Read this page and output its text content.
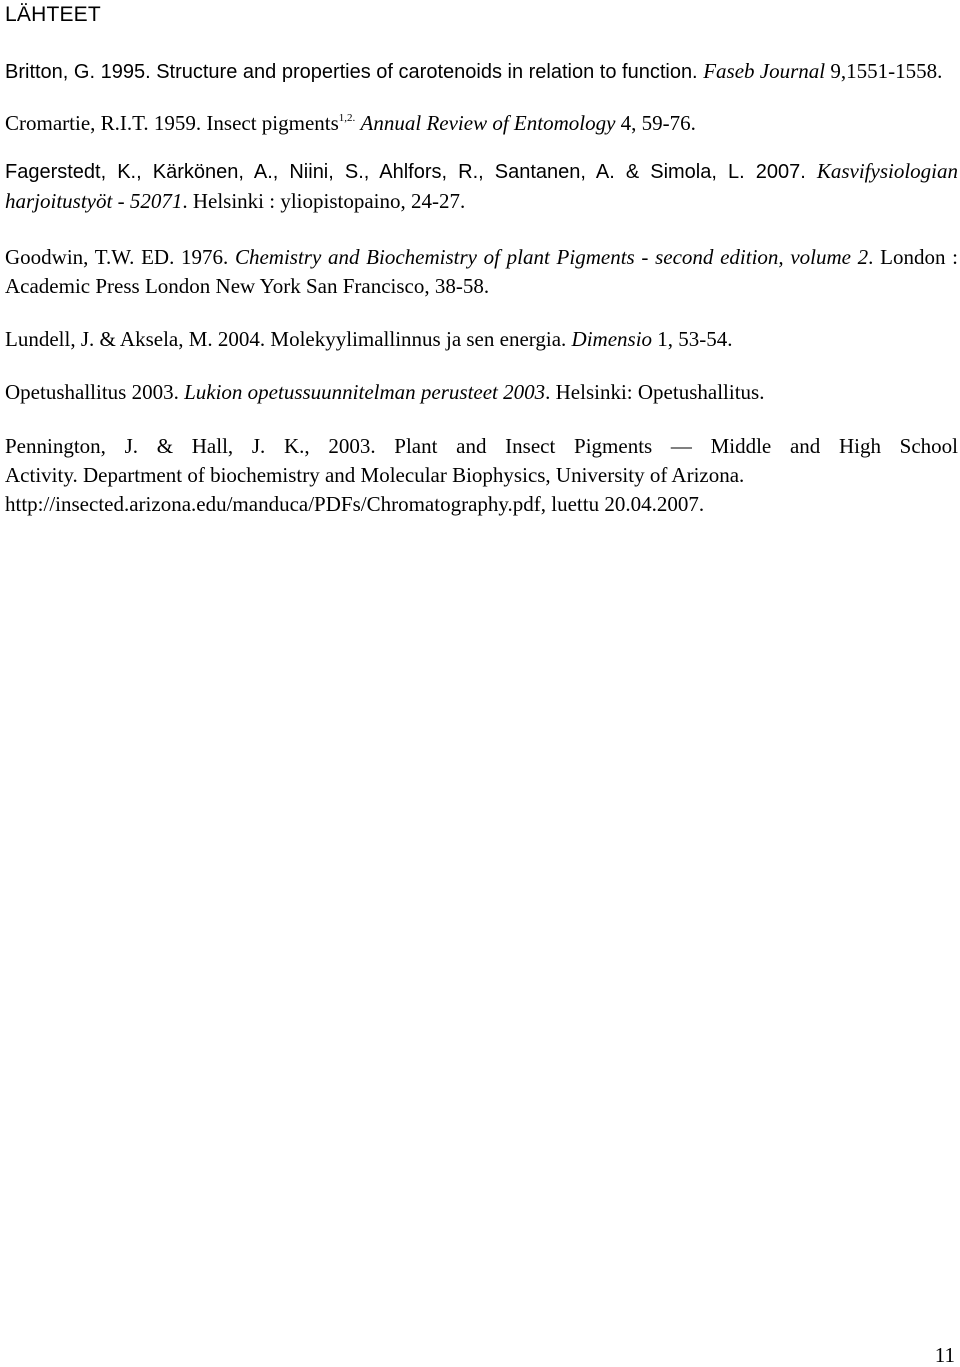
LÄHTEET

Britton, G. 1995. Structure and properties of carotenoids in relation to function. Faseb Journal 9,1551-1558.

Cromartie, R.I.T. 1959. Insect pigments$^{1,2.}$ Annual Review of Entomology 4, 59-76.

Fagerstedt, K., Kärkönen, A., Niini, S., Ahlfors, R., Santanen, A. & Simola, L. 2007. Kasvifysiologian harjoitustyöt - 52071. Helsinki : yliopistopaino, 24-27.

Goodwin, T.W. ED. 1976. Chemistry and Biochemistry of plant Pigments - second edition, volume 2. London : Academic Press London New York San Francisco, 38-58.

Lundell, J. & Aksela, M. 2004. Molekyylimallinnus ja sen energia. Dimensio 1, 53-54.

Opetushallitus 2003. Lukion opetussuunnitelman perusteet 2003. Helsinki: Opetushallitus.

Pennington, J. & Hall, J. K., 2003. Plant and Insect Pigments — Middle and High School

Activity. Department of biochemistry and Molecular Biophysics, University of Arizona.

http://insected.arizona.edu/manduca/PDFs/Chromatography.pdf, luettu 20.04.2007.

11
